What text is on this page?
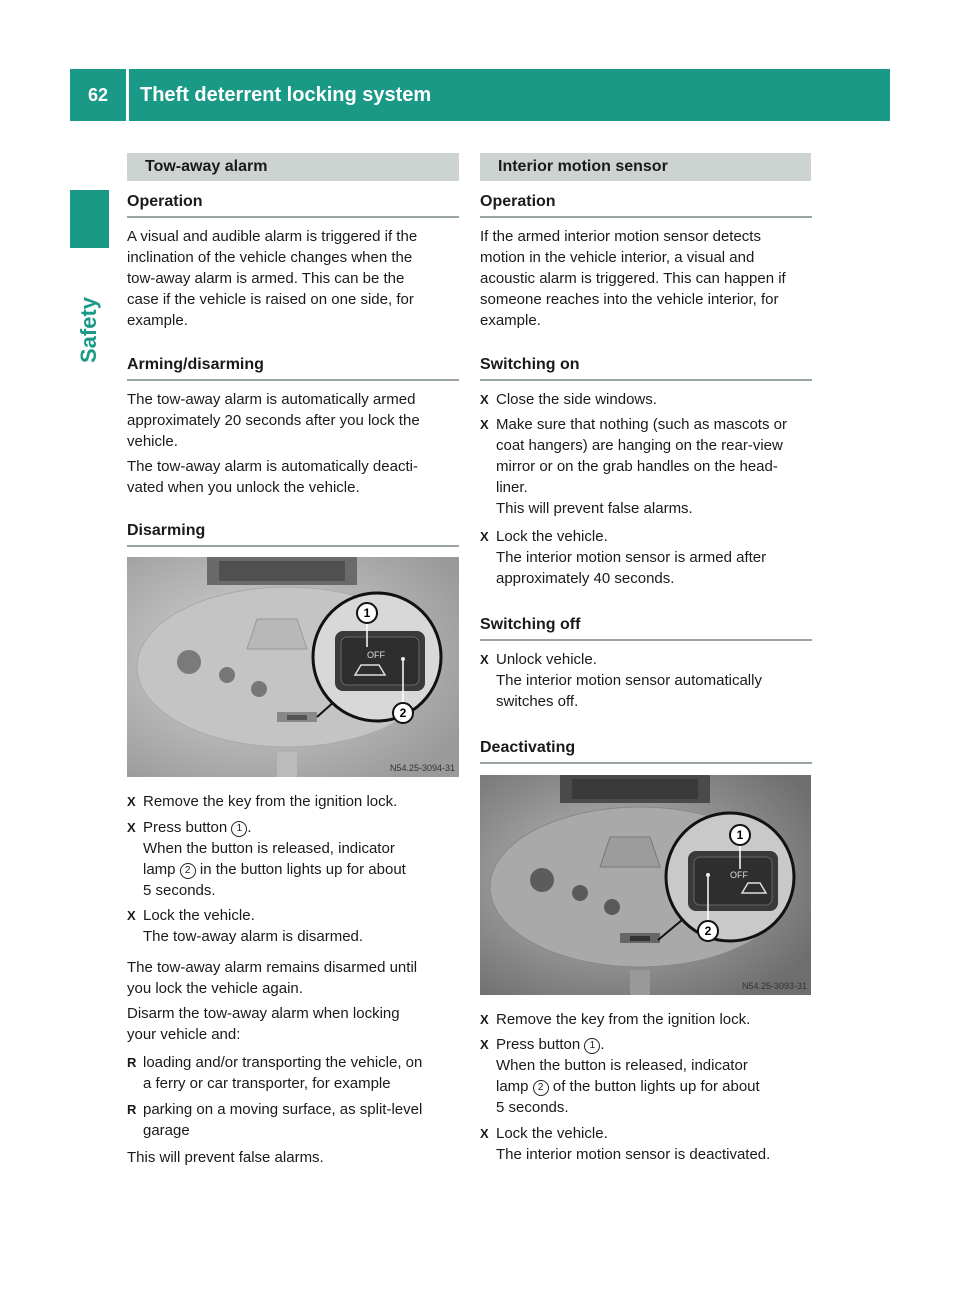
62	Theft deterrent locking system
Safety
Tow-away alarm
Operation
A visual and audible alarm is triggered if the
inclination of the vehicle changes when the
tow-away alarm is armed. This can be the
case if the vehicle is raised on one side, for
example.
Arming/disarming
The tow-away alarm is automatically armed
approximately 20 seconds after you lock the
vehicle.
The tow-away alarm is automatically deacti-
vated when you unlock the vehicle.
Disarming
OFF
1
2
N54.25-3094-31
X Remove the key from the ignition lock.
X Press button 1 .
When the button is released, indicator
lamp 2 in the button lights up for about
5 seconds.
X Lock the vehicle.
The tow-away alarm is disarmed.
The tow-away alarm remains disarmed until
you lock the vehicle again.
Disarm the tow-away alarm when locking
your vehicle and:
R loading and/or transporting the vehicle, on
a ferry or car transporter, for example
R parking on a moving surface, as split-level
garage
This will prevent false alarms.
Interior motion sensor
Operation
If the armed interior motion sensor detects
motion in the vehicle interior, a visual and
acoustic alarm is triggered. This can happen if
someone reaches into the vehicle interior, for
example.
Switching on
X Close the side windows.
X Make sure that nothing (such as mascots or
coat hangers) are hanging on the rear-view
mirror or on the grab handles on the head-
liner.
This will prevent false alarms.
X Lock the vehicle.
The interior motion sensor is armed after
approximately 40 seconds.
Switching off
X Unlock vehicle.
The interior motion sensor automatically
switches off.
Deactivating
OFF
1
2
N54.25-3093-31
X Remove the key from the ignition lock.
X Press button 1 .
When the button is released, indicator
lamp 2 of the button lights up for about
5 seconds.
X Lock the vehicle.
The interior motion sensor is deactivated.
